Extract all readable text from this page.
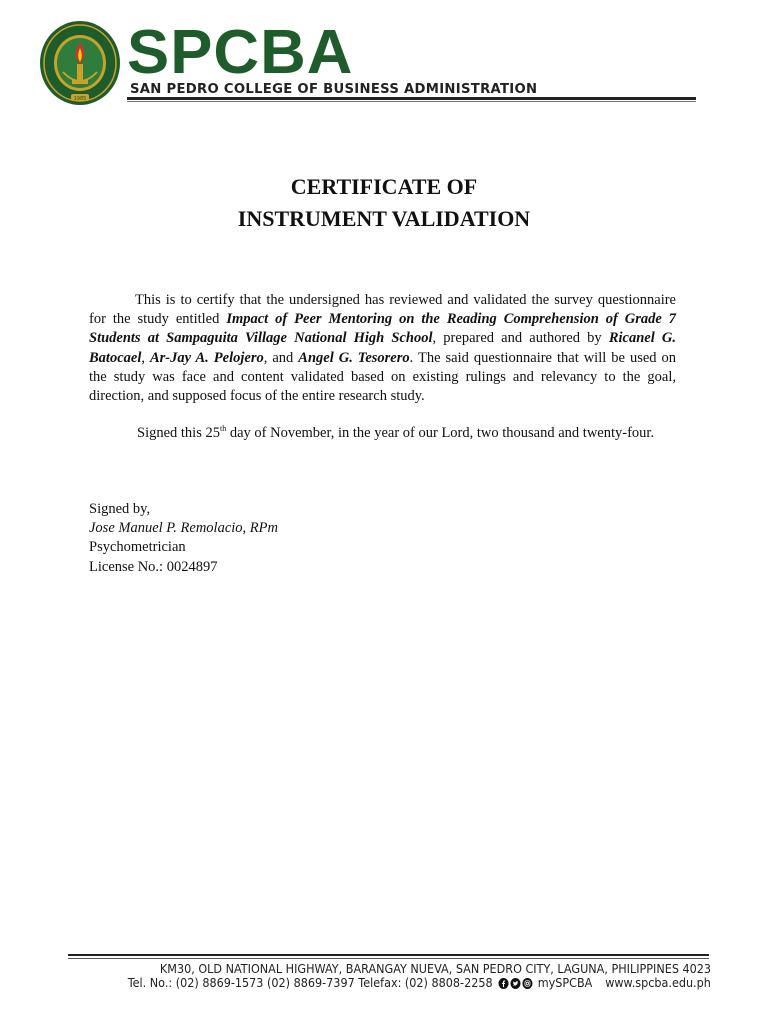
1985
SPCBA
SAN PEDRO COLLEGE OF BUSINESS ADMINISTRATION
CERTIFICATE OF
INSTRUMENT VALIDATION
This is to certify that the undersigned has reviewed and validated the survey questionnaire for the study entitled Impact of Peer Mentoring on the Reading Comprehension of Grade 7 Students at Sampaguita Village National High School, prepared and authored by Ricanel G. Batocael, Ar-Jay A. Pelojero, and Angel G. Tesorero. The said questionnaire that will be used on the study was face and content validated based on existing rulings and relevancy to the goal, direction, and supposed focus of the entire research study.
Signed this 25th day of November, in the year of our Lord, two thousand and twenty-four.
Signed by,
Jose Manuel P. Remolacio, RPm
Psychometrician
License No.: 0024897
KM30, OLD NATIONAL HIGHWAY, BARANGAY NUEVA, SAN PEDRO CITY, LAGUNA, PHILIPPINES 4023
Tel. No.: (02) 8869-1573 (02) 8869-7397 Telefax: (02) 8808-2258	mySPCBA www.spcba.edu.ph
